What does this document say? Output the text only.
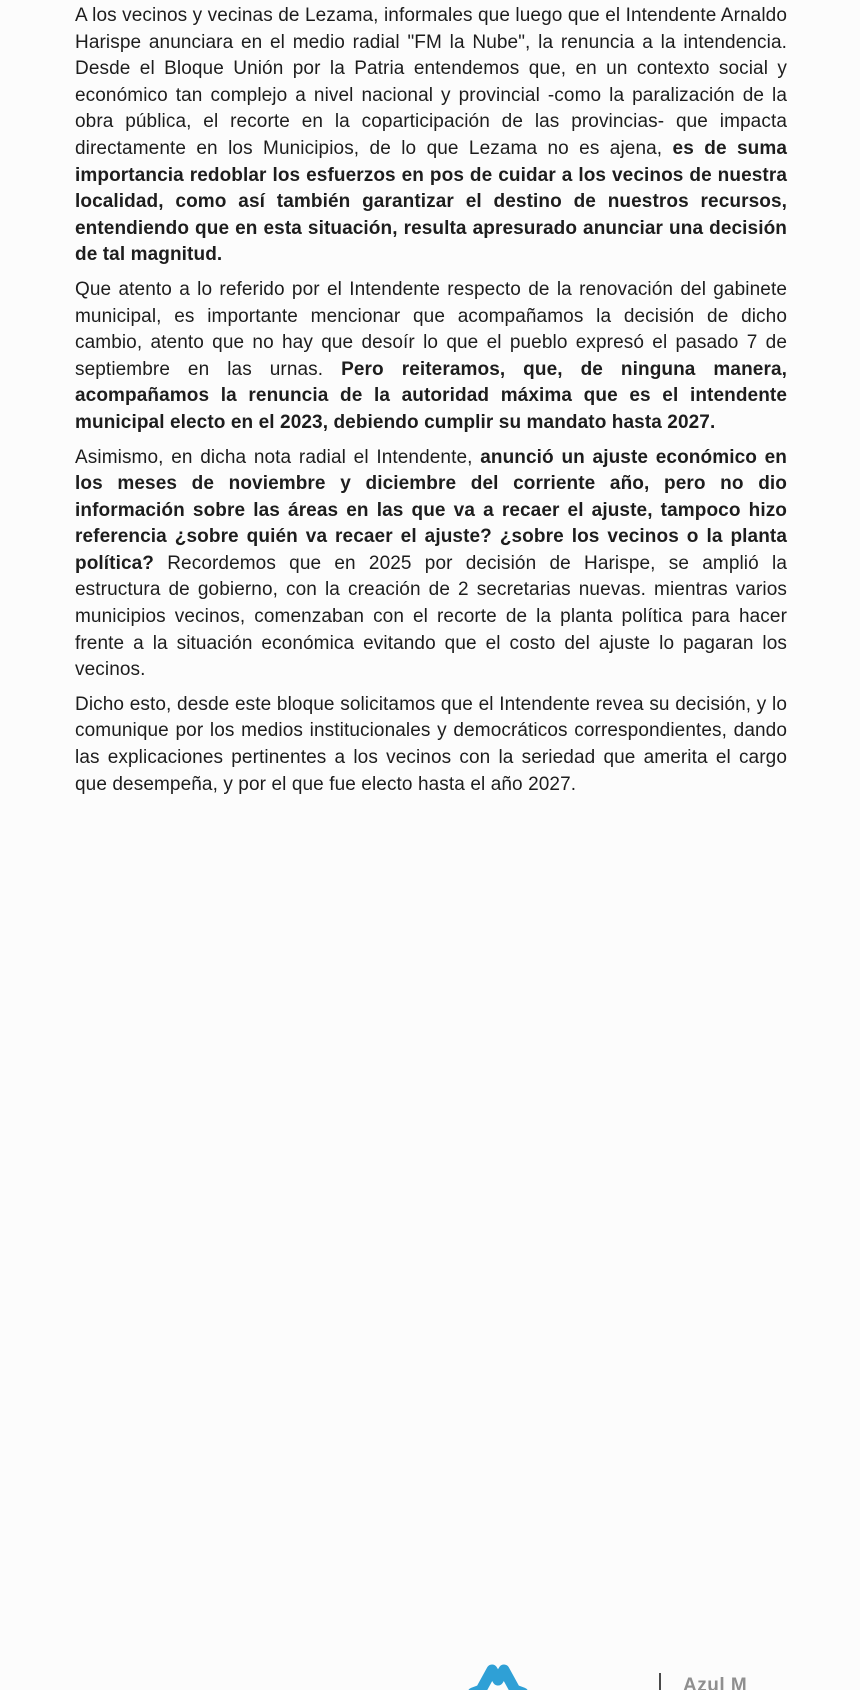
A los vecinos y vecinas de Lezama, informales que luego que el Intendente Arnaldo Harispe anunciara en el medio radial "FM la Nube", la renuncia a la intendencia. Desde el Bloque Unión por la Patria entendemos que, en un contexto social y económico tan complejo a nivel nacional y provincial -como la paralización de la obra pública, el recorte en la coparticipación de las provincias- que impacta directamente en los Municipios, de lo que Lezama no es ajena, es de suma importancia redoblar los esfuerzos en pos de cuidar a los vecinos de nuestra localidad, como así también garantizar el destino de nuestros recursos, entendiendo que en esta situación, resulta apresurado anunciar una decisión de tal magnitud.

Que atento a lo referido por el Intendente respecto de la renovación del gabinete municipal, es importante mencionar que acompañamos la decisión de dicho cambio, atento que no hay que desoír lo que el pueblo expresó el pasado 7 de septiembre en las urnas. Pero reiteramos, que, de ninguna manera, acompañamos la renuncia de la autoridad máxima que es el intendente municipal electo en el 2023, debiendo cumplir su mandato hasta 2027.

Asimismo, en dicha nota radial el Intendente, anunció un ajuste económico en los meses de noviembre y diciembre del corriente año, pero no dio información sobre las áreas en las que va a recaer el ajuste, tampoco hizo referencia ¿sobre quién va recaer el ajuste? ¿sobre los vecinos o la planta política? Recordemos que en 2025 por decisión de Harispe, se amplió la estructura de gobierno, con la creación de 2 secretarias nuevas. mientras varios municipios vecinos, comenzaban con el recorte de la planta política para hacer frente a la situación económica evitando que el costo del ajuste lo pagaran los vecinos.

Dicho esto, desde este bloque solicitamos que el Intendente revea su decisión, y lo comunique por los medios institucionales y democráticos correspondientes, dando las explicaciones pertinentes a los vecinos con la seriedad que amerita el cargo que desempeña, y por el que fue electo hasta el año 2027.

Azul M
